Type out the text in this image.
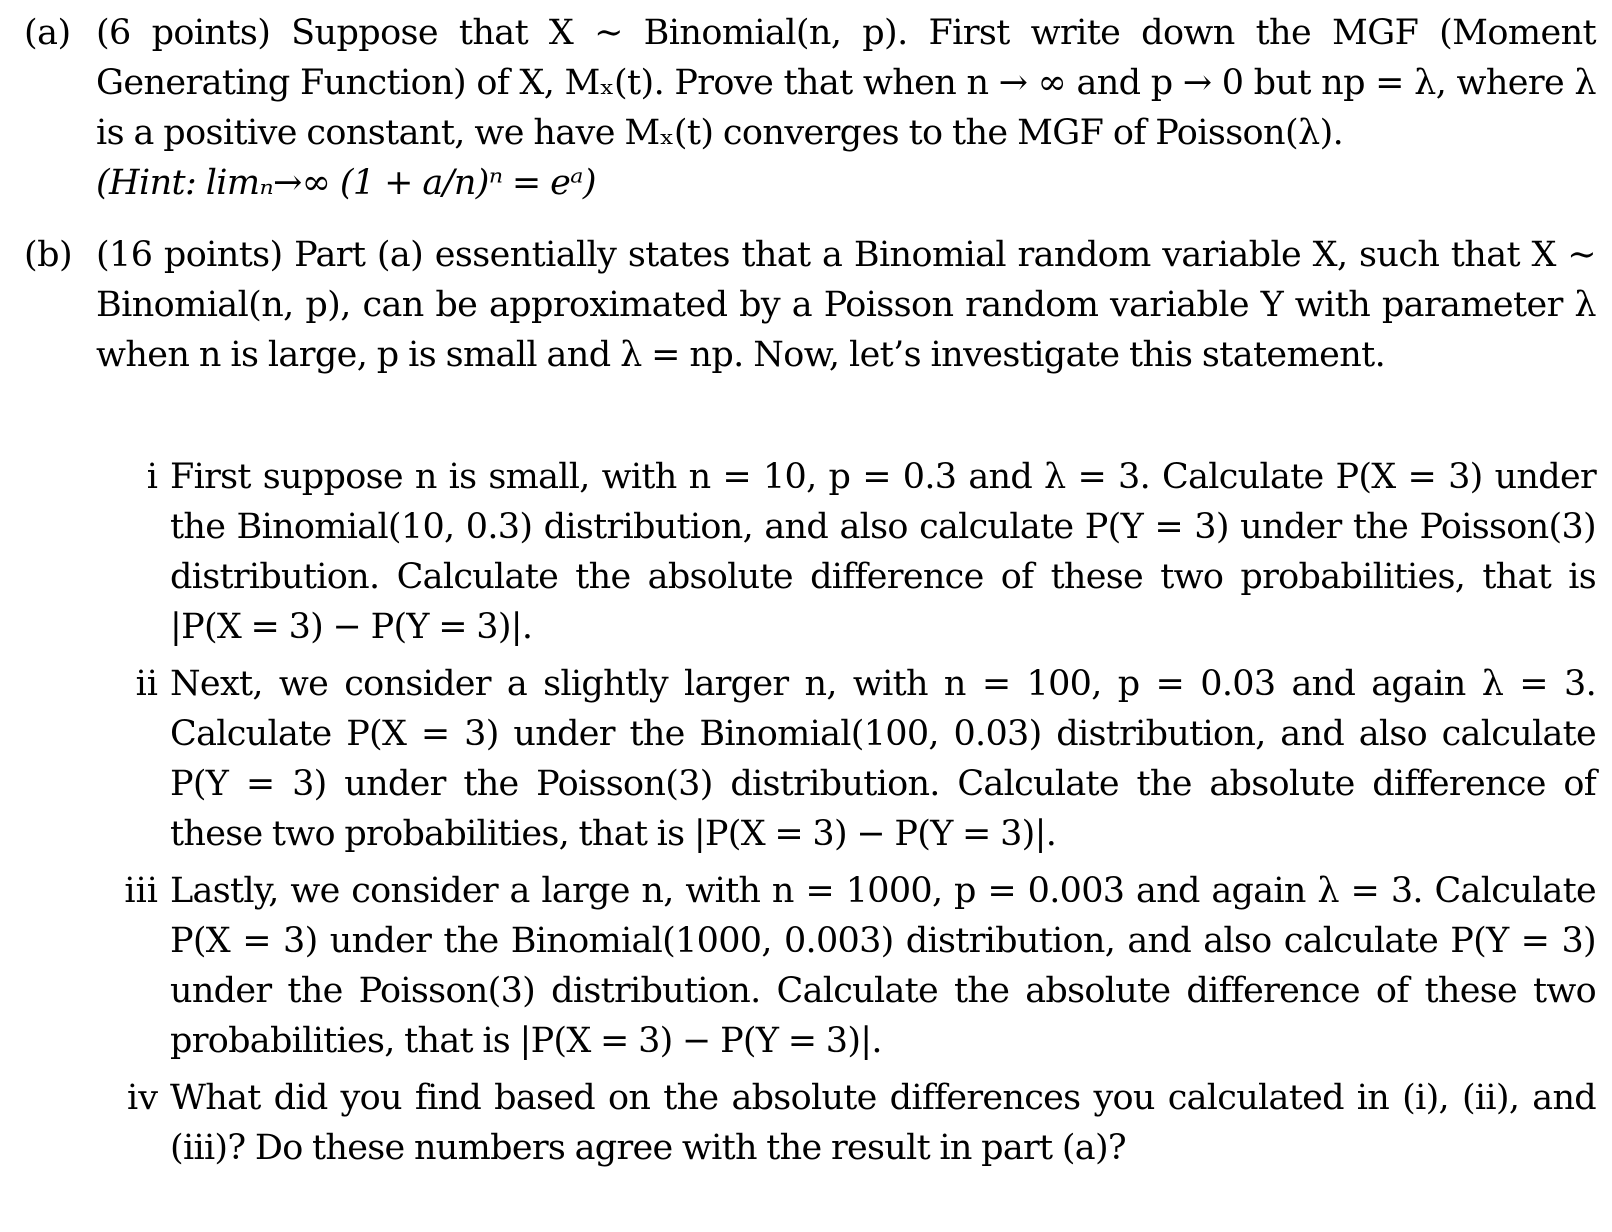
(a) (6 points) Suppose that X ∼ Binomial(n, p). First write down the MGF (Moment Generating Function) of X, Mₓ(t). Prove that when n → ∞ and p → 0 but np = λ, where λ is a positive constant, we have Mₓ(t) converges to the MGF of Poisson(λ).
(Hint: limₙ→∞ (1 + a/n)ⁿ = eᵃ)
(b) (16 points) Part (a) essentially states that a Binomial random variable X, such that X ∼ Binomial(n, p), can be approximated by a Poisson random variable Y with parameter λ when n is large, p is small and λ = np. Now, let’s investigate this statement.
i First suppose n is small, with n = 10, p = 0.3 and λ = 3. Calculate P(X = 3) under the Binomial(10, 0.3) distribution, and also calculate P(Y = 3) under the Poisson(3) distribution. Calculate the absolute difference of these two probabilities, that is |P(X = 3) − P(Y = 3)|.
ii Next, we consider a slightly larger n, with n = 100, p = 0.03 and again λ = 3. Calculate P(X = 3) under the Binomial(100, 0.03) distribution, and also calculate P(Y = 3) under the Poisson(3) distribution. Calculate the absolute difference of these two probabilities, that is |P(X = 3) − P(Y = 3)|.
iii Lastly, we consider a large n, with n = 1000, p = 0.003 and again λ = 3. Calculate P(X = 3) under the Binomial(1000, 0.003) distribution, and also calculate P(Y = 3) under the Poisson(3) distribution. Calculate the absolute difference of these two probabilities, that is |P(X = 3) − P(Y = 3)|.
iv What did you find based on the absolute differences you calculated in (i), (ii), and (iii)? Do these numbers agree with the result in part (a)?
